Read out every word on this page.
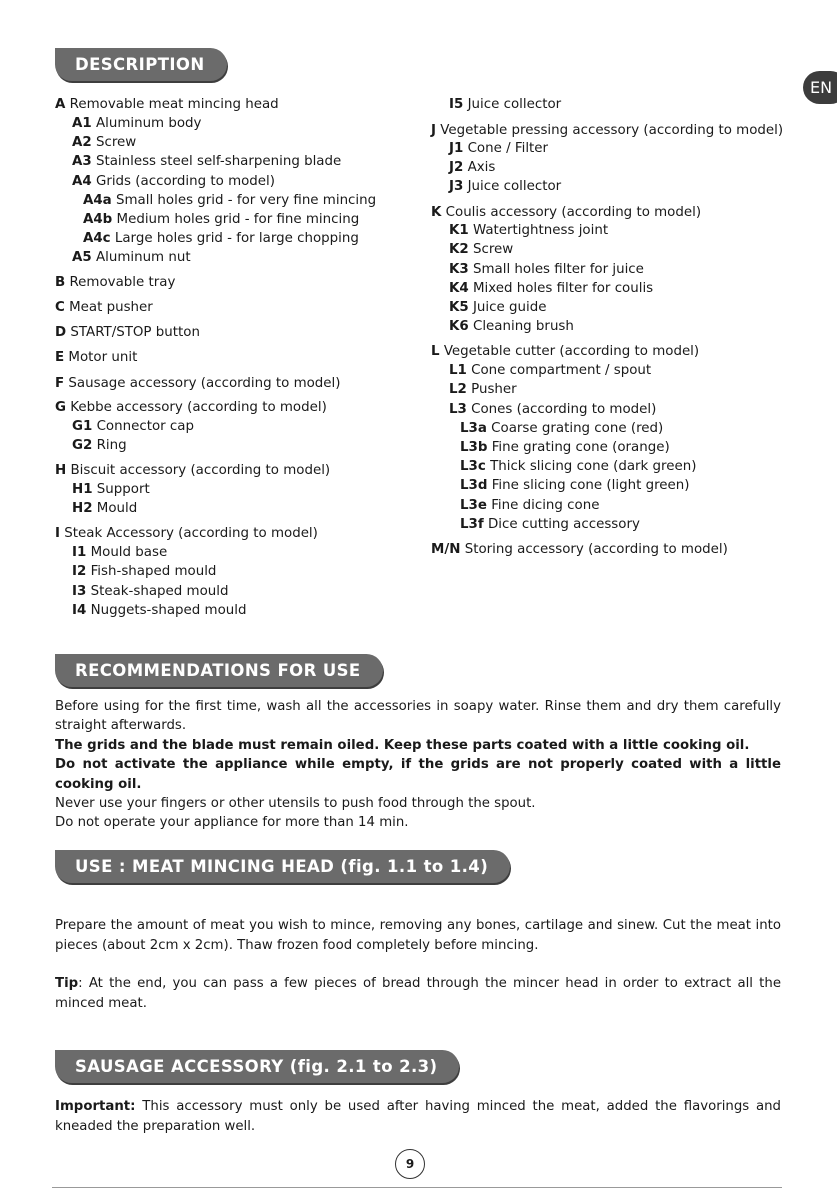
EN
DESCRIPTION
A Removable meat mincing head
A1 Aluminum body
A2 Screw
A3 Stainless steel self-sharpening blade
A4 Grids (according to model)
A4a Small holes grid - for very fine mincing
A4b Medium holes grid - for fine mincing
A4c Large holes grid - for large chopping
A5 Aluminum nut
B Removable tray
C Meat pusher
D START/STOP button
E Motor unit
F Sausage accessory (according to model)
G Kebbe accessory (according to model)
G1 Connector cap
G2 Ring
H Biscuit accessory (according to model)
H1 Support
H2 Mould
I Steak Accessory (according to model)
I1 Mould base
I2 Fish-shaped mould
I3 Steak-shaped mould
I4 Nuggets-shaped mould
I5 Juice collector
J Vegetable pressing accessory (according to model)
J1 Cone / Filter
J2 Axis
J3 Juice collector
K Coulis accessory (according to model)
K1 Watertightness joint
K2 Screw
K3 Small holes filter for juice
K4 Mixed holes filter for coulis
K5 Juice guide
K6 Cleaning brush
L Vegetable cutter (according to model)
L1 Cone compartment / spout
L2 Pusher
L3 Cones (according to model)
L3a Coarse grating cone (red)
L3b Fine grating cone (orange)
L3c Thick slicing cone (dark green)
L3d Fine slicing cone (light green)
L3e Fine dicing cone
L3f Dice cutting accessory
M/N Storing accessory (according to model)
RECOMMENDATIONS FOR USE

Before using for the first time, wash all the accessories in soapy water. Rinse them and dry them carefully straight afterwards.

The grids and the blade must remain oiled. Keep these parts coated with a little cooking oil.

Do not activate the appliance while empty, if the grids are not properly coated with a little cooking oil.

Never use your fingers or other utensils to push food through the spout.

Do not operate your appliance for more than 14 min.

USE : MEAT MINCING HEAD (fig. 1.1 to 1.4)

Prepare the amount of meat you wish to mince, removing any bones, cartilage and sinew. Cut the meat into pieces (about 2cm x 2cm). Thaw frozen food completely before mincing.

Tip: At the end, you can pass a few pieces of bread through the mincer head in order to extract all the minced meat.

SAUSAGE ACCESSORY (fig. 2.1 to 2.3)

Important: This accessory must only be used after having minced the meat, added the flavorings and kneaded the preparation well.

9
